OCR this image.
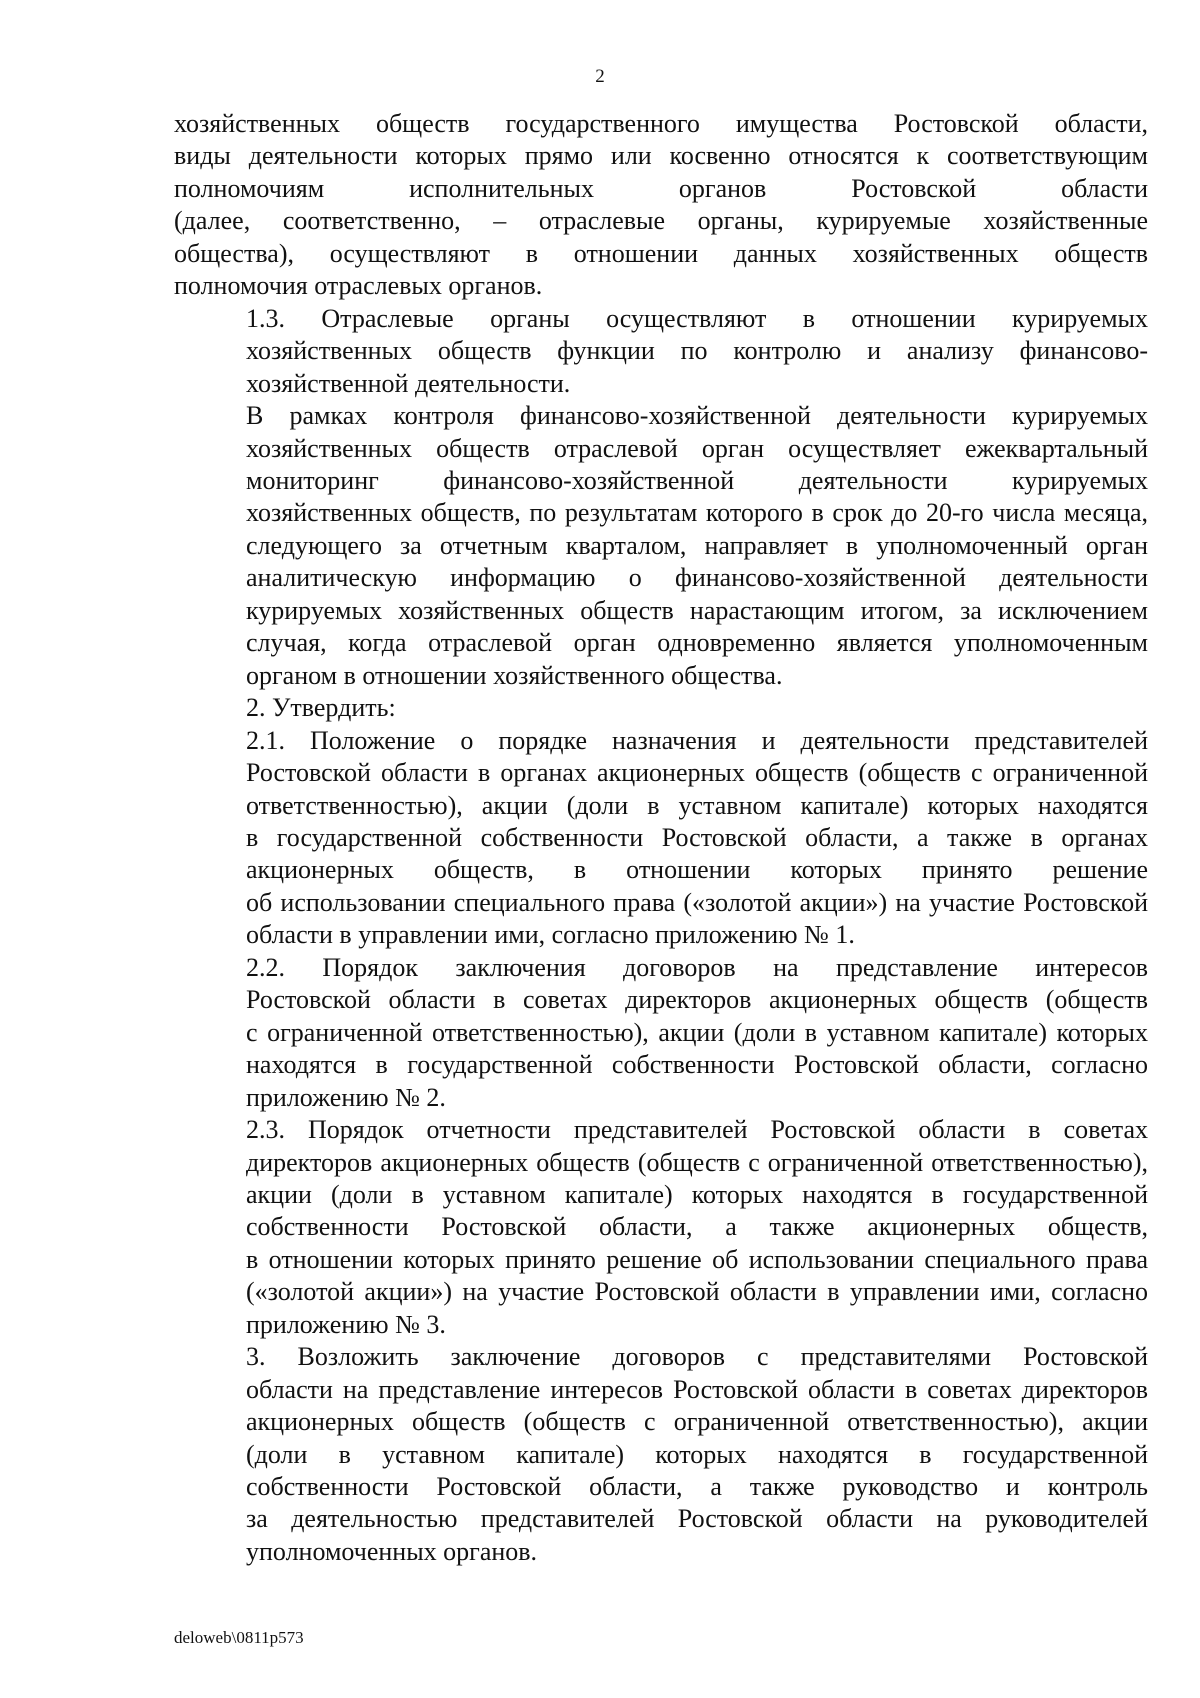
2

хозяйственных обществ государственного имущества Ростовской области,
виды деятельности которых прямо или косвенно относятся к соответствующим
полномочиям исполнительных органов Ростовской области
(далее, соответственно, – отраслевые органы, курируемые хозяйственные
общества), осуществляют в отношении данных хозяйственных обществ
полномочия отраслевых органов.

1.3. Отраслевые органы осуществляют в отношении курируемых
хозяйственных обществ функции по контролю и анализу финансово-
хозяйственной деятельности.

В рамках контроля финансово-хозяйственной деятельности курируемых
хозяйственных обществ отраслевой орган осуществляет ежеквартальный
мониторинг финансово-хозяйственной деятельности курируемых
хозяйственных обществ, по результатам которого в срок до 20-го числа месяца,
следующего за отчетным кварталом, направляет в уполномоченный орган
аналитическую информацию о финансово-хозяйственной деятельности
курируемых хозяйственных обществ нарастающим итогом, за исключением
случая, когда отраслевой орган одновременно является уполномоченным
органом в отношении хозяйственного общества.

2. Утвердить:

2.1. Положение о порядке назначения и деятельности представителей
Ростовской области в органах акционерных обществ (обществ с ограниченной
ответственностью), акции (доли в уставном капитале) которых находятся
в государственной собственности Ростовской области, а также в органах
акционерных обществ, в отношении которых принято решение
об использовании специального права («золотой акции») на участие Ростовской
области в управлении ими, согласно приложению № 1.

2.2. Порядок заключения договоров на представление интересов
Ростовской области в советах директоров акционерных обществ (обществ
с ограниченной ответственностью), акции (доли в уставном капитале) которых
находятся в государственной собственности Ростовской области, согласно
приложению № 2.

2.3. Порядок отчетности представителей Ростовской области в советах
директоров акционерных обществ (обществ с ограниченной ответственностью),
акции (доли в уставном капитале) которых находятся в государственной
собственности Ростовской области, а также акционерных обществ,
в отношении которых принято решение об использовании специального права
(«золотой акции») на участие Ростовской области в управлении ими, согласно
приложению № 3.

3. Возложить заключение договоров с представителями Ростовской
области на представление интересов Ростовской области в советах директоров
акционерных обществ (обществ с ограниченной ответственностью), акции
(доли в уставном капитале) которых находятся в государственной
собственности Ростовской области, а также руководство и контроль
за деятельностью представителей Ростовской области на руководителей
уполномоченных органов.

deloweb\0811p573
